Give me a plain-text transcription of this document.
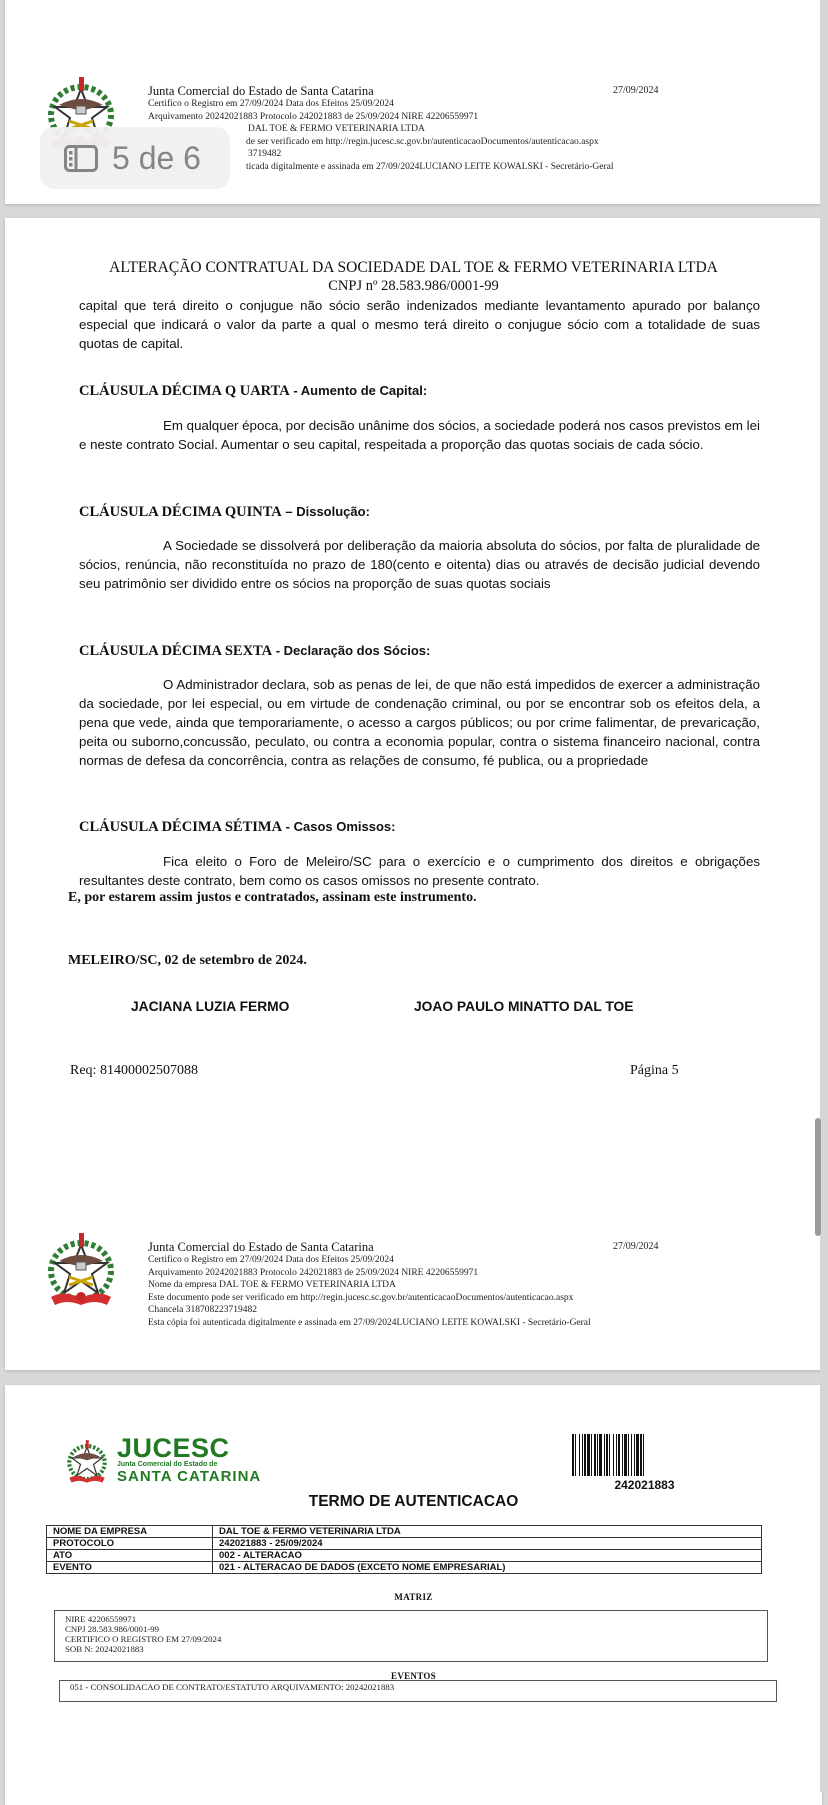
Junta Comercial do Estado de Santa Catarina
Certifico o Registro em 27/09/2024 Data dos Efeitos 25/09/2024
Arquivamento 20242021883 Protocolo 242021883 de 25/09/2024 NIRE 42206559971
DAL TOE & FERMO VETERINARIA LTDA
de ser verificado em http://regin.jucesc.sc.gov.br/autenticacaoDocumentos/autenticacao.aspx
3719482
ticada digitalmente e assinada em 27/09/2024LUCIANO LEITE KOWALSKI - Secretário-Geral
27/09/2024
5 de 6
ALTERAÇÃO CONTRATUAL DA SOCIEDADE DAL TOE & FERMO VETERINARIA LTDA
CNPJ nº 28.583.986/0001-99
capital que terá direito o conjugue não sócio serão indenizados mediante levantamento apurado por balanço especial que indicará o valor da parte a qual o mesmo terá direito o conjugue sócio com a totalidade de suas quotas de capital.
CLÁUSULA DÉCIMA Q UARTA - Aumento de Capital:
Em qualquer época, por decisão unânime dos sócios, a sociedade poderá nos casos previstos em lei e neste contrato Social. Aumentar o seu capital, respeitada a proporção das quotas sociais de cada sócio.
CLÁUSULA DÉCIMA QUINTA – Dissolução:
A Sociedade se dissolverá por deliberação da maioria absoluta do sócios, por falta de pluralidade de sócios, renúncia, não reconstituída no prazo de 180(cento e oitenta) dias ou através de decisão judicial devendo seu patrimônio ser dividido entre os sócios na proporção de suas quotas sociais
CLÁUSULA DÉCIMA SEXTA - Declaração dos Sócios:
O Administrador declara, sob as penas de lei, de que não está impedidos de exercer a administração da sociedade, por lei especial, ou em virtude de condenação criminal, ou por se encontrar sob os efeitos dela, a pena que vede, ainda que temporariamente, o acesso a cargos públicos; ou por crime falimentar, de prevaricação, peita ou suborno,concussão, peculato, ou contra a economia popular, contra o sistema financeiro nacional, contra normas de defesa da concorrência, contra as relações de consumo, fé publica, ou a propriedade
CLÁUSULA DÉCIMA SÉTIMA - Casos Omissos:
Fica eleito o Foro de Meleiro/SC para o exercício e o cumprimento dos direitos e obrigações resultantes deste contrato, bem como os casos omissos no presente contrato.
E, por estarem assim justos e contratados, assinam este instrumento.
MELEIRO/SC, 02 de setembro de 2024.
JACIANA LUZIA FERMO	JOAO PAULO MINATTO DAL TOE
Req: 81400002507088	Página 5
Junta Comercial do Estado de Santa Catarina
Certifico o Registro em 27/09/2024 Data dos Efeitos 25/09/2024
Arquivamento 20242021883 Protocolo 242021883 de 25/09/2024 NIRE 42206559971
Nome da empresa DAL TOE & FERMO VETERINARIA LTDA
Este documento pode ser verificado em http://regin.jucesc.sc.gov.br/autenticacaoDocumentos/autenticacao.aspx
Chancela 318708223719482
Esta cópia foi autenticada digitalmente e assinada em 27/09/2024LUCIANO LEITE KOWALSKI - Secretário-Geral
27/09/2024
JUCESC
Junta Comercial do Estado de
SANTA CATARINA	242021883
TERMO DE AUTENTICACAO
NOME DA EMPRESA	DAL TOE & FERMO VETERINARIA LTDA
PROTOCOLO	242021883 - 25/09/2024
ATO	002 - ALTERACAO
EVENTO	021 - ALTERACAO DE DADOS (EXCETO NOME EMPRESARIAL)
MATRIZ
NIRE 42206559971
CNPJ 28.583.986/0001-99
CERTIFICO O REGISTRO EM 27/09/2024
SOB N: 20242021883
EVENTOS
051 - CONSOLIDACAO DE CONTRATO/ESTATUTO ARQUIVAMENTO: 20242021883
